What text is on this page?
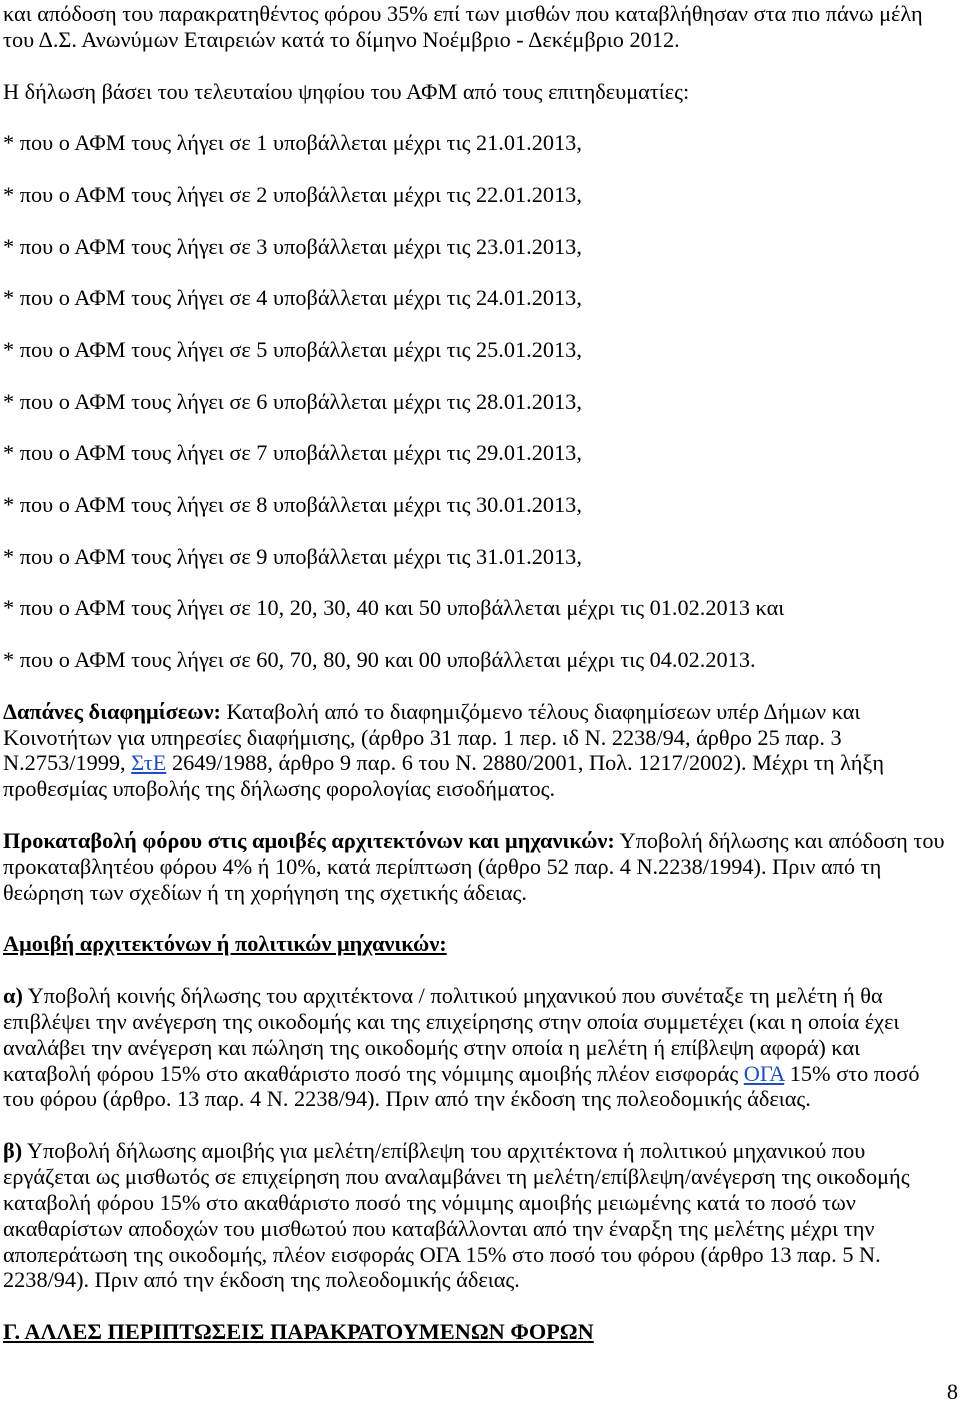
και απόδοση του παρακρατηθέντος φόρου 35% επί των μισθών που καταβλήθησαν στα πιο πάνω μέλη
του Δ.Σ. Ανωνύμων Εταιρειών κατά το δίμηνο Νοέμβριο - Δεκέμβριο 2012.
Η δήλωση βάσει του τελευταίου ψηφίου του ΑΦΜ από τους επιτηδευματίες:
* που ο ΑΦΜ τους λήγει σε 1 υποβάλλεται μέχρι τις 21.01.2013,
* που ο ΑΦΜ τους λήγει σε 2 υποβάλλεται μέχρι τις 22.01.2013,
* που ο ΑΦΜ τους λήγει σε 3 υποβάλλεται μέχρι τις 23.01.2013,
* που ο ΑΦΜ τους λήγει σε 4 υποβάλλεται μέχρι τις 24.01.2013,
* που ο ΑΦΜ τους λήγει σε 5 υποβάλλεται μέχρι τις 25.01.2013,
* που ο ΑΦΜ τους λήγει σε 6 υποβάλλεται μέχρι τις 28.01.2013,
* που ο ΑΦΜ τους λήγει σε 7 υποβάλλεται μέχρι τις 29.01.2013,
* που ο ΑΦΜ τους λήγει σε 8 υποβάλλεται μέχρι τις 30.01.2013,
* που ο ΑΦΜ τους λήγει σε 9 υποβάλλεται μέχρι τις 31.01.2013,
* που ο ΑΦΜ τους λήγει σε 10, 20, 30, 40 και 50 υποβάλλεται μέχρι τις 01.02.2013 και
* που ο ΑΦΜ τους λήγει σε 60, 70, 80, 90 και 00 υποβάλλεται μέχρι τις 04.02.2013.
Δαπάνες διαφημίσεων: Καταβολή από το διαφημιζόμενο τέλους διαφημίσεων υπέρ Δήμων και
Κοινοτήτων για υπηρεσίες διαφήμισης, (άρθρο 31 παρ. 1 περ. ιδ Ν. 2238/94, άρθρο 25 παρ. 3
Ν.2753/1999, ΣτΕ 2649/1988, άρθρο 9 παρ. 6 του Ν. 2880/2001, Πολ. 1217/2002). Μέχρι τη λήξη
προθεσμίας υποβολής της δήλωσης φορολογίας εισοδήματος.
Προκαταβολή φόρου στις αμοιβές αρχιτεκτόνων και μηχανικών: Υποβολή δήλωσης και απόδοση του
προκαταβλητέου φόρου 4% ή 10%, κατά περίπτωση (άρθρο 52 παρ. 4 Ν.2238/1994). Πριν από τη
θεώρηση των σχεδίων ή τη χορήγηση της σχετικής άδειας.
Αμοιβή αρχιτεκτόνων ή πολιτικών μηχανικών:
α) Υποβολή κοινής δήλωσης του αρχιτέκτονα / πολιτικού μηχανικού που συνέταξε τη μελέτη ή θα
επιβλέψει την ανέγερση της οικοδομής και της επιχείρησης στην οποία συμμετέχει (και η οποία έχει
αναλάβει την ανέγερση και πώληση της οικοδομής στην οποία η μελέτη ή επίβλεψη αφορά) και
καταβολή φόρου 15% στο ακαθάριστο ποσό της νόμιμης αμοιβής πλέον εισφοράς ΟΓΑ 15% στο ποσό
του φόρου (άρθρο. 13 παρ. 4 Ν. 2238/94). Πριν από την έκδοση της πολεοδομικής άδειας.
β) Υποβολή δήλωσης αμοιβής για μελέτη/επίβλεψη του αρχιτέκτονα ή πολιτικού μηχανικού που
εργάζεται ως μισθωτός σε επιχείρηση που αναλαμβάνει τη μελέτη/επίβλεψη/ανέγερση της οικοδομής
καταβολή φόρου 15% στο ακαθάριστο ποσό της νόμιμης αμοιβής μειωμένης κατά το ποσό των
ακαθαρίστων αποδοχών του μισθωτού που καταβάλλονται από την έναρξη της μελέτης μέχρι την
αποπεράτωση της οικοδομής, πλέον εισφοράς ΟΓΑ 15% στο ποσό του φόρου (άρθρο 13 παρ. 5 Ν.
2238/94). Πριν από την έκδοση της πολεοδομικής άδειας.
Γ. ΑΛΛΕΣ ΠΕΡΙΠΤΩΣΕΙΣ ΠΑΡΑΚΡΑΤΟΥΜΕΝΩΝ ΦΟΡΩΝ
8
